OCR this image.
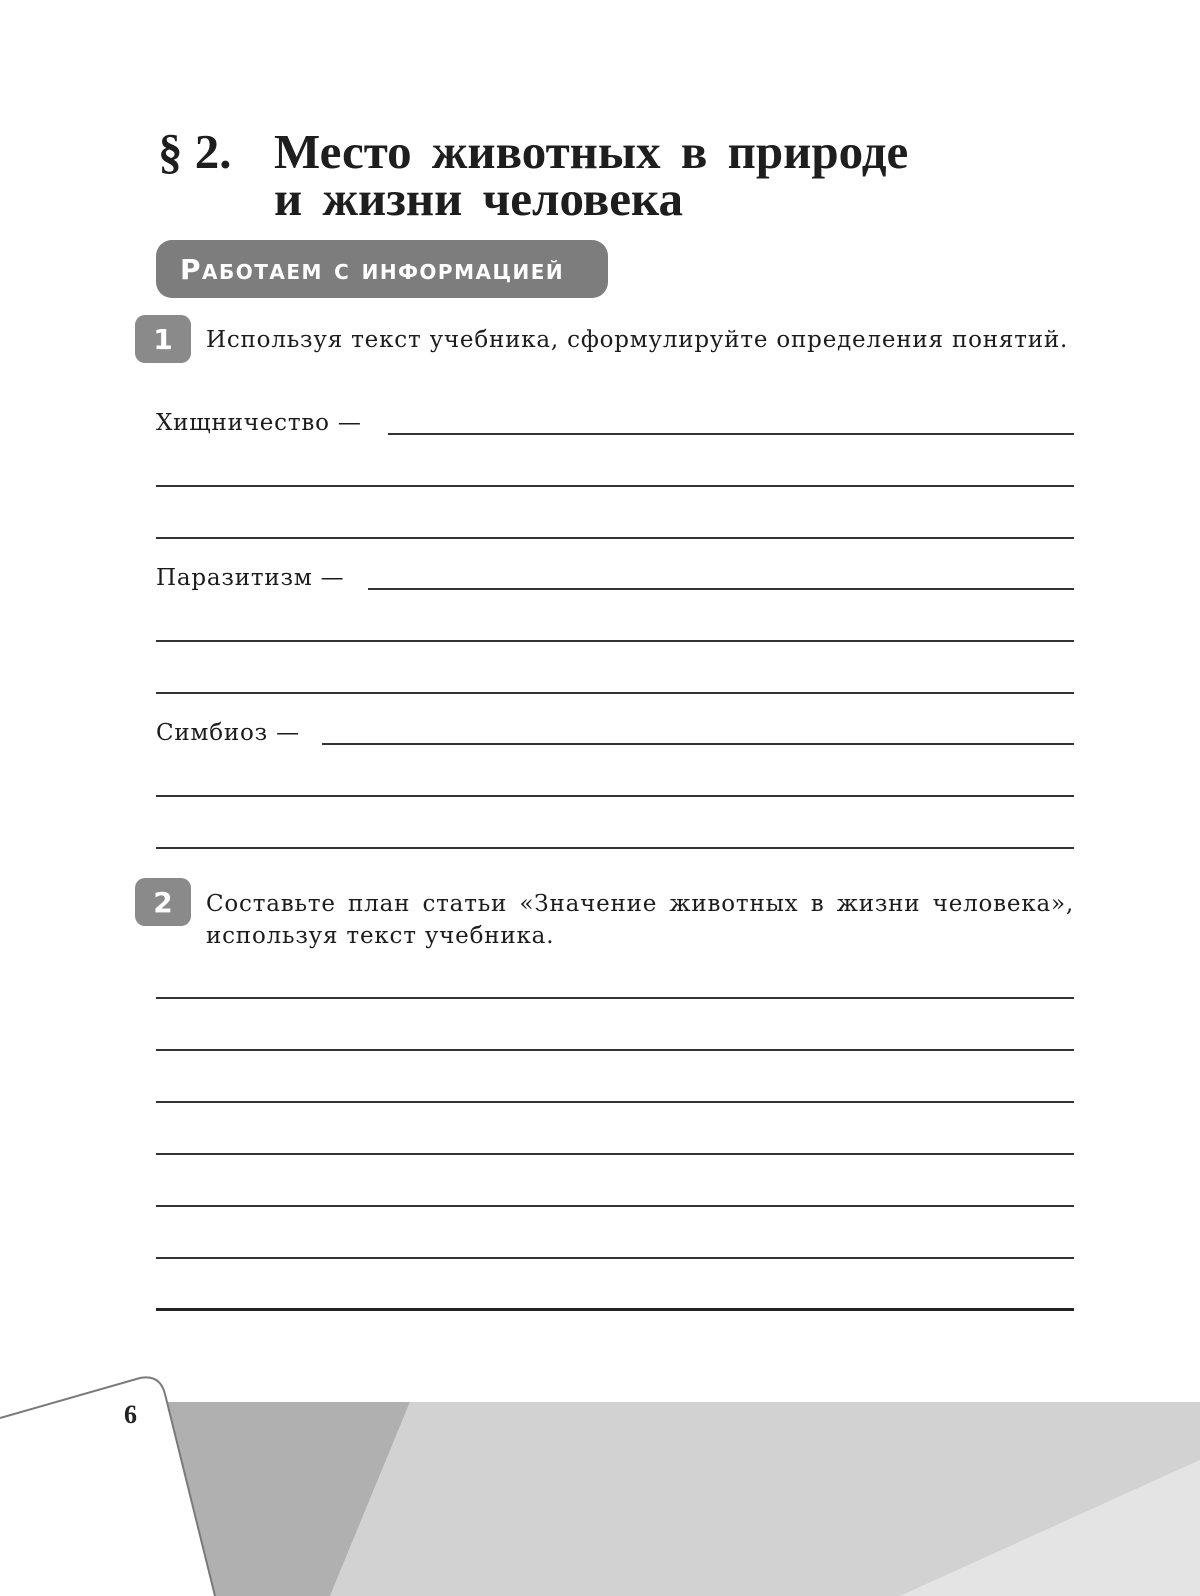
§ 2. Место животных в природе
и жизни человека
Работаем с информацией
1	Используя текст учебника, сформулируйте определения понятий.
Хищничество —
Паразитизм —
Симбиоз —
2	Составьте план статьи «Значение животных в жизни человека», используя текст учебника.
6
